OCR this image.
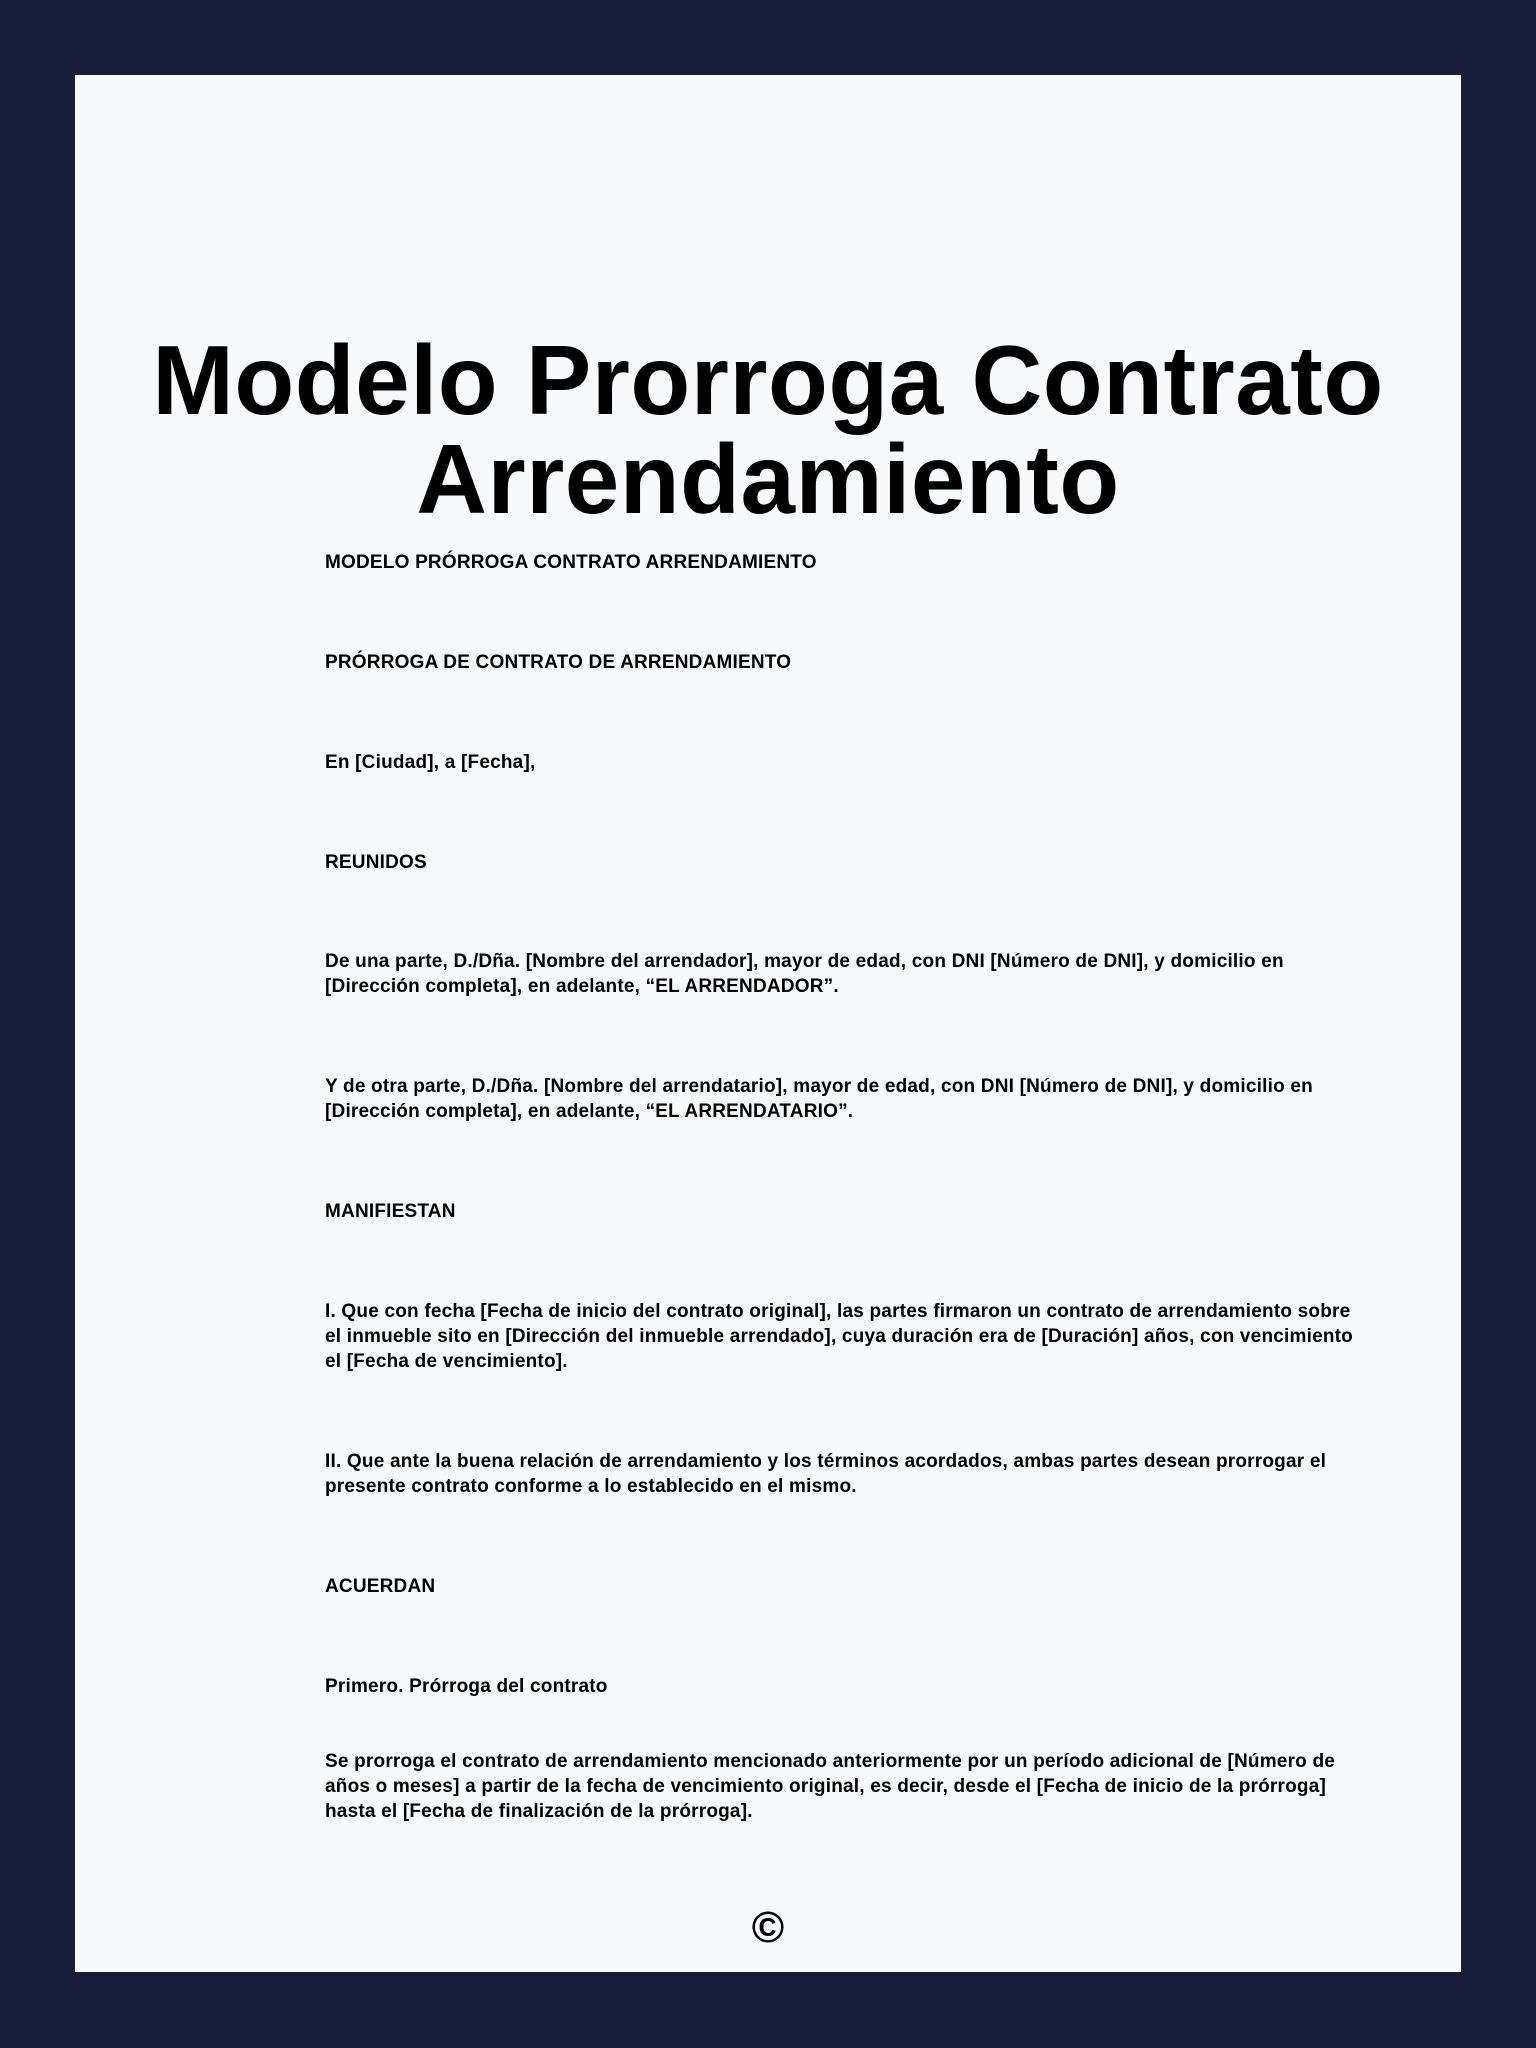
Modelo Prorroga Contrato Arrendamiento

MODELO PRÓRROGA CONTRATO ARRENDAMIENTO

PRÓRROGA DE CONTRATO DE ARRENDAMIENTO

En [Ciudad], a [Fecha],

REUNIDOS

De una parte, D./Dña. [Nombre del arrendador], mayor de edad, con DNI [Número de DNI], y domicilio en [Dirección completa], en adelante, “EL ARRENDADOR”.

Y de otra parte, D./Dña. [Nombre del arrendatario], mayor de edad, con DNI [Número de DNI], y domicilio en [Dirección completa], en adelante, “EL ARRENDATARIO”.

MANIFIESTAN

I. Que con fecha [Fecha de inicio del contrato original], las partes firmaron un contrato de arrendamiento sobre el inmueble sito en [Dirección del inmueble arrendado], cuya duración era de [Duración] años, con vencimiento el [Fecha de vencimiento].

II. Que ante la buena relación de arrendamiento y los términos acordados, ambas partes desean prorrogar el presente contrato conforme a lo establecido en el mismo.

ACUERDAN

Primero. Prórroga del contrato

Se prorroga el contrato de arrendamiento mencionado anteriormente por un período adicional de [Número de años o meses] a partir de la fecha de vencimiento original, es decir, desde el [Fecha de inicio de la prórroga] hasta el [Fecha de finalización de la prórroga].

©
